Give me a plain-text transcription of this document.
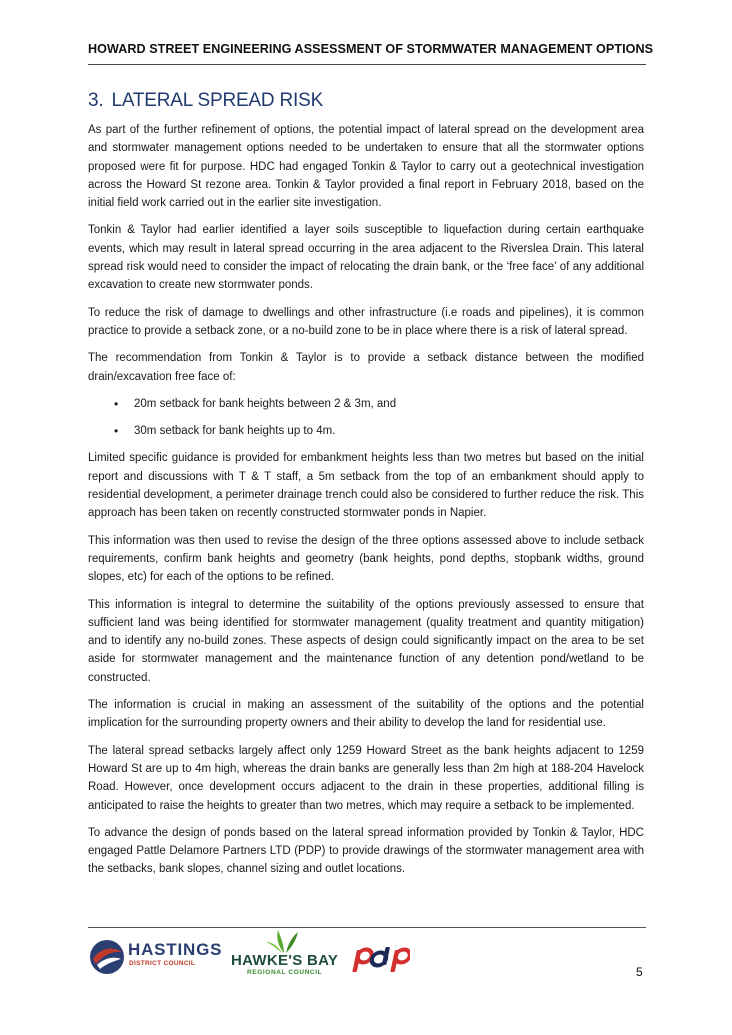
HOWARD STREET ENGINEERING ASSESSMENT OF STORMWATER MANAGEMENT OPTIONS
3. LATERAL SPREAD RISK

As part of the further refinement of options, the potential impact of lateral spread on the development area and stormwater management options needed to be undertaken to ensure that all the stormwater options proposed were fit for purpose. HDC had engaged Tonkin & Taylor to carry out a geotechnical investigation across the Howard St rezone area. Tonkin & Taylor provided a final report in February 2018, based on the initial field work carried out in the earlier site investigation.

Tonkin & Taylor had earlier identified a layer soils susceptible to liquefaction during certain earthquake events, which may result in lateral spread occurring in the area adjacent to the Riverslea Drain. This lateral spread risk would need to consider the impact of relocating the drain bank, or the ‘free face’ of any additional excavation to create new stormwater ponds.

To reduce the risk of damage to dwellings and other infrastructure (i.e roads and pipelines), it is common practice to provide a setback zone, or a no-build zone to be in place where there is a risk of lateral spread.

The recommendation from Tonkin & Taylor is to provide a setback distance between the modified drain/excavation free face of:

• 20m setback for bank heights between 2 & 3m, and
• 30m setback for bank heights up to 4m.

Limited specific guidance is provided for embankment heights less than two metres but based on the initial report and discussions with T & T staff, a 5m setback from the top of an embankment should apply to residential development, a perimeter drainage trench could also be considered to further reduce the risk. This approach has been taken on recently constructed stormwater ponds in Napier.

This information was then used to revise the design of the three options assessed above to include setback requirements, confirm bank heights and geometry (bank heights, pond depths, stopbank widths, ground slopes, etc) for each of the options to be refined.

This information is integral to determine the suitability of the options previously assessed to ensure that sufficient land was being identified for stormwater management (quality treatment and quantity mitigation) and to identify any no-build zones. These aspects of design could significantly impact on the area to be set aside for stormwater management and the maintenance function of any detention pond/wetland to be constructed.

The information is crucial in making an assessment of the suitability of the options and the potential implication for the surrounding property owners and their ability to develop the land for residential use.

The lateral spread setbacks largely affect only 1259 Howard Street as the bank heights adjacent to 1259 Howard St are up to 4m high, whereas the drain banks are generally less than 2m high at 188-204 Havelock Road. However, once development occurs adjacent to the drain in these properties, additional filling is anticipated to raise the heights to greater than two metres, which may require a setback to be implemented.

To advance the design of ponds based on the lateral spread information provided by Tonkin & Taylor, HDC engaged Pattle Delamore Partners LTD (PDP) to provide drawings of the stormwater management area with the setbacks, bank slopes, channel sizing and outlet locations.

HASTINGS
DISTRICT COUNCIL HAWKE'S BAY
REGIONAL COUNCIL	5
